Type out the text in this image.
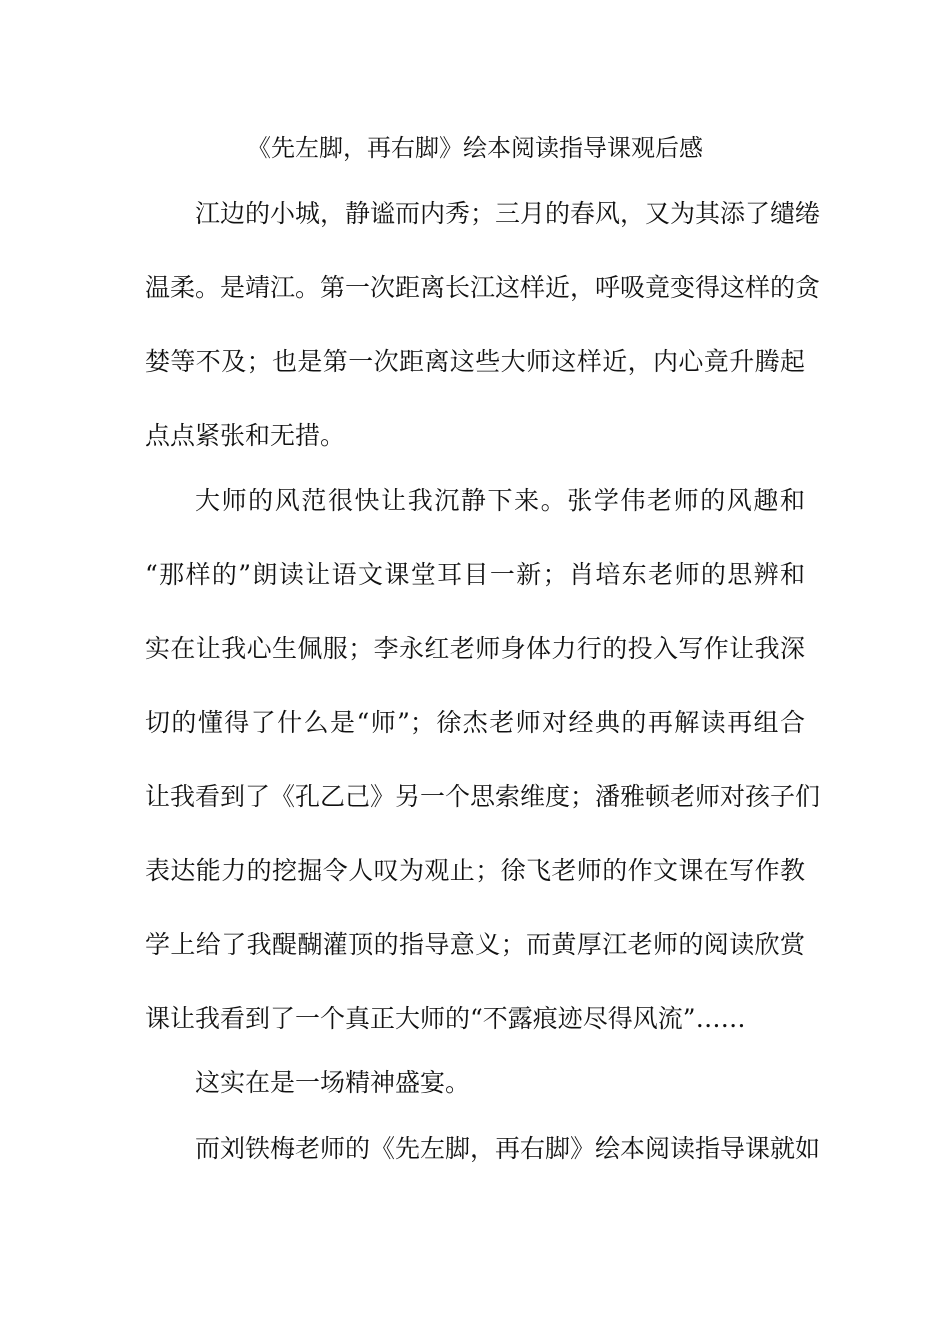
《先左脚，再右脚》绘本阅读指导课观后感
江边的小城，静谧而内秀；三月的春风，又为其添了缱绻
温柔。是靖江。第一次距离长江这样近，呼吸竟变得这样的贪
婪等不及；也是第一次距离这些大师这样近，内心竟升腾起
点点紧张和无措。
大师的风范很快让我沉静下来。张学伟老师的风趣和
“那样的”朗读让语文课堂耳目一新；肖培东老师的思辨和
实在让我心生佩服；李永红老师身体力行的投入写作让我深
切的懂得了什么是“师”；徐杰老师对经典的再解读再组合
让我看到了《孔乙己》另一个思索维度；潘雅顿老师对孩子们
表达能力的挖掘令人叹为观止；徐飞老师的作文课在写作教
学上给了我醍醐灌顶的指导意义；而黄厚江老师的阅读欣赏
课让我看到了一个真正大师的“不露痕迹尽得风流”……
这实在是一场精神盛宴。
而刘铁梅老师的《先左脚，再右脚》绘本阅读指导课就如
